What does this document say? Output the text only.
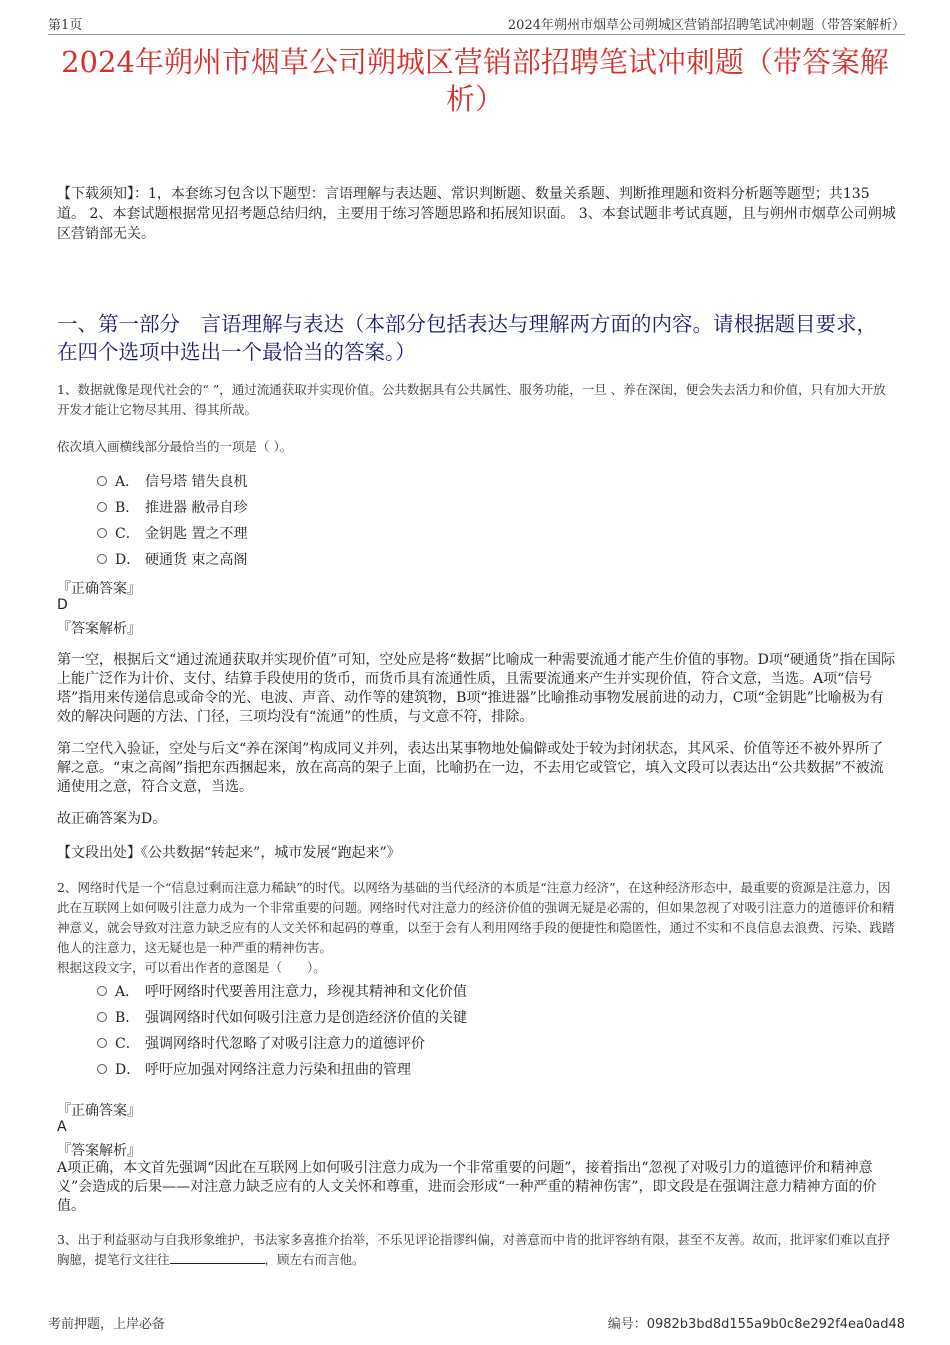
第1页	2024年朔州市烟草公司朔城区营销部招聘笔试冲刺题（带答案解析）
2024年朔州市烟草公司朔城区营销部招聘笔试冲刺题（带答案解析）
【下载须知】：1，本套练习包含以下题型：言语理解与表达题、常识判断题、数量关系题、判断推理题和资料分析题等题型；共135道。 2、本套试题根据常见招考题总结归纳，主要用于练习答题思路和拓展知识面。 3、本套试题非考试真题，且与朔州市烟草公司朔城区营销部无关。
一、第一部分　言语理解与表达（本部分包括表达与理解两方面的内容。请根据题目要求，在四个选项中选出一个最恰当的答案。）
1、数据就像是现代社会的“ ”，通过流通获取并实现价值。公共数据具有公共属性、服务功能，一旦 、养在深闺，便会失去活力和价值，只有加大开放开发才能让它物尽其用、得其所哉。
依次填入画横线部分最恰当的一项是（ ）。
A． 信号塔 错失良机
B． 推进器 敝帚自珍
C． 金钥匙 置之不理
D． 硬通货 束之高阁
『正确答案』
D
『答案解析』
第一空，根据后文“通过流通获取并实现价值”可知，空处应是将“数据”比喻成一种需要流通才能产生价值的事物。D项“硬通货”指在国际上能广泛作为计价、支付、结算手段使用的货币，而货币具有流通性质，且需要流通来产生并实现价值，符合文意，当选。A项“信号塔”指用来传递信息或命令的光、电波、声音、动作等的建筑物，B项“推进器”比喻推动事物发展前进的动力，C项“金钥匙”比喻极为有效的解决问题的方法、门径，三项均没有“流通”的性质，与文意不符，排除。
第二空代入验证，空处与后文“养在深闺”构成同义并列，表达出某事物地处偏僻或处于较为封闭状态，其风采、价值等还不被外界所了解之意。“束之高阁”指把东西捆起来，放在高高的架子上面，比喻扔在一边，不去用它或管它，填入文段可以表达出“公共数据”不被流通使用之意，符合文意，当选。
故正确答案为D。
【文段出处】《公共数据“转起来”，城市发展“跑起来”》
2、网络时代是一个“信息过剩而注意力稀缺”的时代。以网络为基础的当代经济的本质是“注意力经济”，在这种经济形态中，最重要的资源是注意力，因此在互联网上如何吸引注意力成为一个非常重要的问题。网络时代对注意力的经济价值的强调无疑是必需的，但如果忽视了对吸引注意力的道德评价和精神意义，就会导致对注意力缺乏应有的人文关怀和起码的尊重，以至于会有人利用网络手段的便捷性和隐匿性，通过不实和不良信息去浪费、污染、践踏他人的注意力，这无疑也是一种严重的精神伤害。
根据这段文字，可以看出作者的意图是（　　）。
A． 呼吁网络时代要善用注意力，珍视其精神和文化价值
B． 强调网络时代如何吸引注意力是创造经济价值的关键
C． 强调网络时代忽略了对吸引注意力的道德评价
D． 呼吁应加强对网络注意力污染和扭曲的管理
『正确答案』
A
『答案解析』
A项正确，本文首先强调“因此在互联网上如何吸引注意力成为一个非常重要的问题”，接着指出“忽视了对吸引力的道德评价和精神意义”会造成的后果——对注意力缺乏应有的人文关怀和尊重，进而会形成“一种严重的精神伤害”，即文段是在强调注意力精神方面的价值。
3、出于利益驱动与自我形象维护，书法家多喜推介抬举，不乐见评论指谬纠偏，对善意而中肯的批评容纳有限，甚至不友善。故而，批评家们难以直抒胸臆，提笔行文往往	，顾左右而言他。
考前押题，上岸必备	编号：0982b3bd8d155a9b0c8e292f4ea0ad48
